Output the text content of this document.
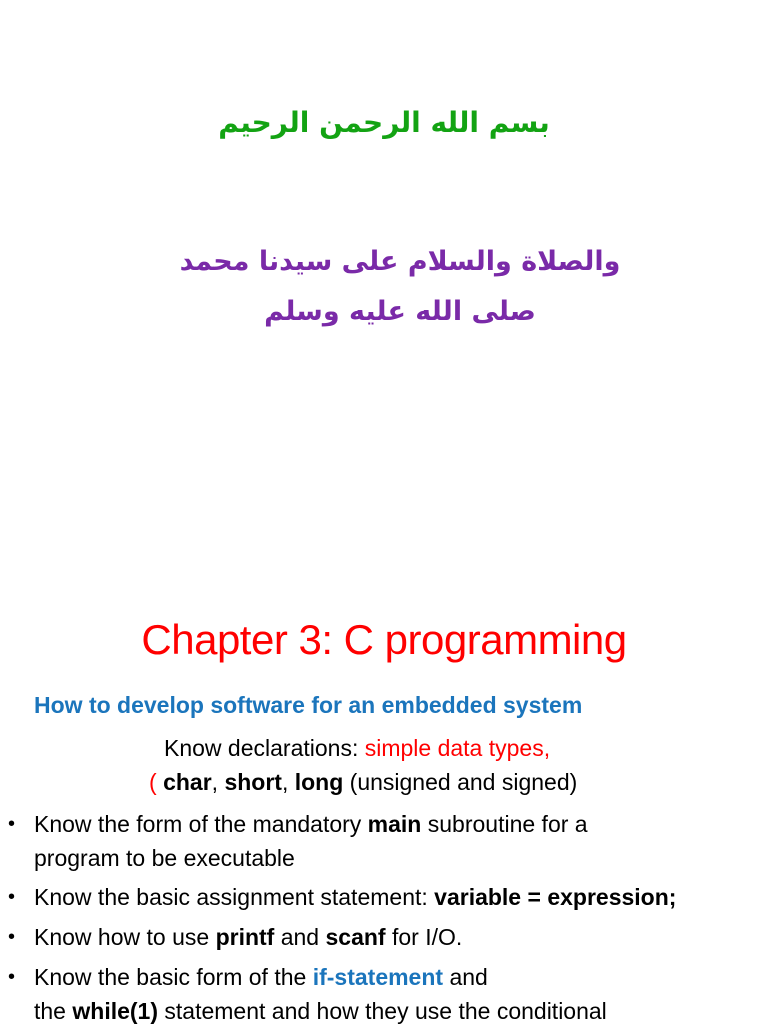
بسم الله الرحمن الرحيم
والصلاة والسلام على سيدنا محمد
صلى الله عليه وسلم
Chapter 3: C programming
How to develop software for an embedded system
Know declarations: simple data types,
( char, short, long (unsigned and signed)
• Know the form of the mandatory main subroutine for a
program to be executable
• Know the basic assignment statement: variable = expression;
• Know how to use printf and scanf for I/O.
• Know the basic form of the if-statement and
the while(1) statement and how they use the conditional
